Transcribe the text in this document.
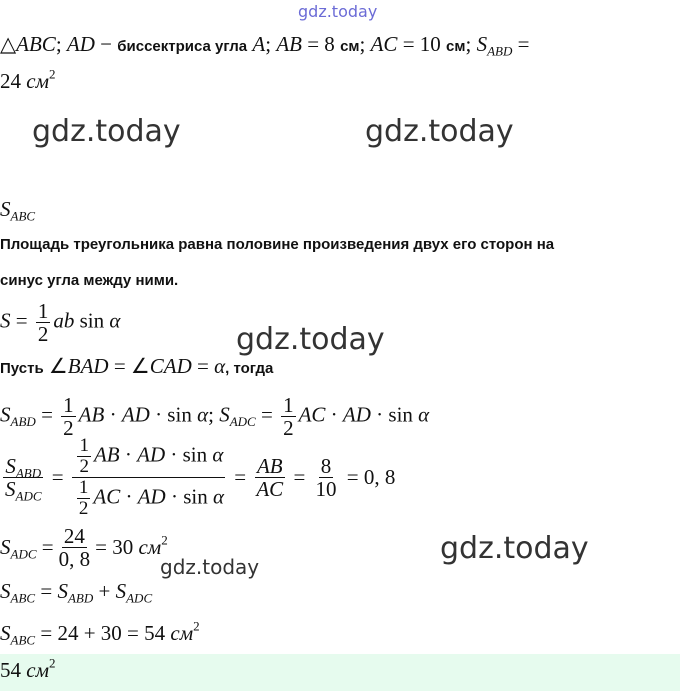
gdz.today
gdz.today	gdz.today
gdz.today
gdz.today
gdz.today
△ABC; AD − биссектриса угла A; AB = 8 см; AC = 10 см; $S_{ABD}$ =
24 $см^2$
$S_{ABC}$
Площадь треугольника равна половине произведения двух его сторон на
синус угла между ними.
$S = \frac{1}{2}$ ab sin α
Пусть ∠BAD = ∠CAD = α, тогда
$S_{ABD} = \frac{1}{2}$ AB · AD · sin α; $S_{ADC} = \frac{1}{2}$ AC · AD · sin α
$\frac{S_{ABD}}{S_{ADC}} = \frac{\frac{1}{2} AB \cdot AD \cdot \sin \alpha}{\frac{1}{2} AC \cdot AD \cdot \sin \alpha} = \frac{AB}{AC} = \frac{8}{10} = 0$, 8
$S_{ADC} = \frac{24}{0, 8} = 30$ $см^2$
$S_{ABC} = S_{ABD} + S_{ADC}$
$S_{ABC} = 24 + 30 = 54$ $см^2$
54 $см^2$
